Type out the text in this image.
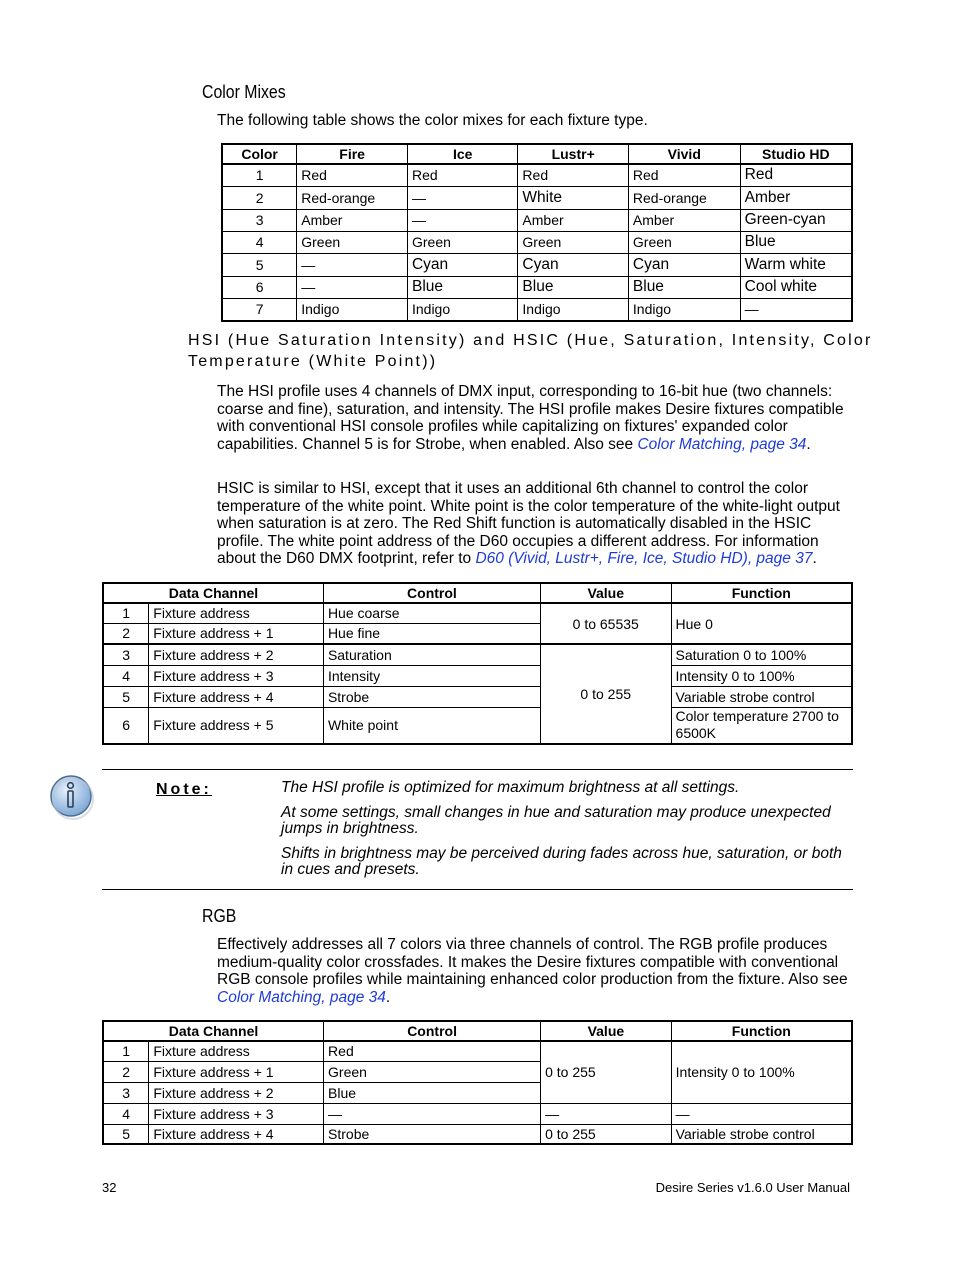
Color Mixes
The following table shows the color mixes for each fixture type.
Color	Fire	Ice	Lustr+	Vivid	Studio HD
1	Red	Red	Red	Red	Red
2	Red-orange	—	White	Red-orange	Amber
3	Amber	—	Amber	Amber	Green-cyan
4	Green	Green	Green	Green	Blue
5	—	Cyan	Cyan	Cyan	Warm white
6	—	Blue	Blue	Blue	Cool white
7	Indigo	Indigo	Indigo	Indigo	—
HSI (Hue Saturation Intensity) and HSIC (Hue, Saturation, Intensity, Color
Temperature (White Point))
The HSI profile uses 4 channels of DMX input, corresponding to 16-bit hue (two channels: coarse and fine), saturation, and intensity. The HSI profile makes Desire fixtures compatible with conventional HSI console profiles while capitalizing on fixtures' expanded color capabilities. Channel 5 is for Strobe, when enabled. Also see Color Matching, page 34.
HSIC is similar to HSI, except that it uses an additional 6th channel to control the color temperature of the white point. White point is the color temperature of the white-light output when saturation is at zero. The Red Shift function is automatically disabled in the HSIC profile. The white point address of the D60 occupies a different address. For information about the D60 DMX footprint, refer to D60 (Vivid, Lustr+, Fire, Ice, Studio HD), page 37.
Data Channel		Control	Value	Function
1	Fixture address	Hue coarse	0 to 65535	Hue 0
2	Fixture address + 1	Hue fine		
3	Fixture address + 2	Saturation	0 to 255	Saturation 0 to 100%
4	Fixture address + 3	Intensity		Intensity 0 to 100%
5	Fixture address + 4	Strobe		Variable strobe control
6	Fixture address + 5	White point		Color temperature 2700 to
6500K
Note:	The HSI profile is optimized for maximum brightness at all settings.
At some settings, small changes in hue and saturation may produce unexpected
jumps in brightness.
Shifts in brightness may be perceived during fades across hue, saturation, or both
in cues and presets.
RGB
Effectively addresses all 7 colors via three channels of control. The RGB profile produces medium-quality color crossfades. It makes the Desire fixtures compatible with conventional RGB console profiles while maintaining enhanced color production from the fixture. Also see Color Matching, page 34.
Data Channel		Control	Value	Function
1	Fixture address	Red	0 to 255	Intensity 0 to 100%
2	Fixture address + 1	Green		
3	Fixture address + 2	Blue		
4	Fixture address + 3	—	—	—
5	Fixture address + 4	Strobe	0 to 255	Variable strobe control
32	Desire Series v1.6.0 User Manual
